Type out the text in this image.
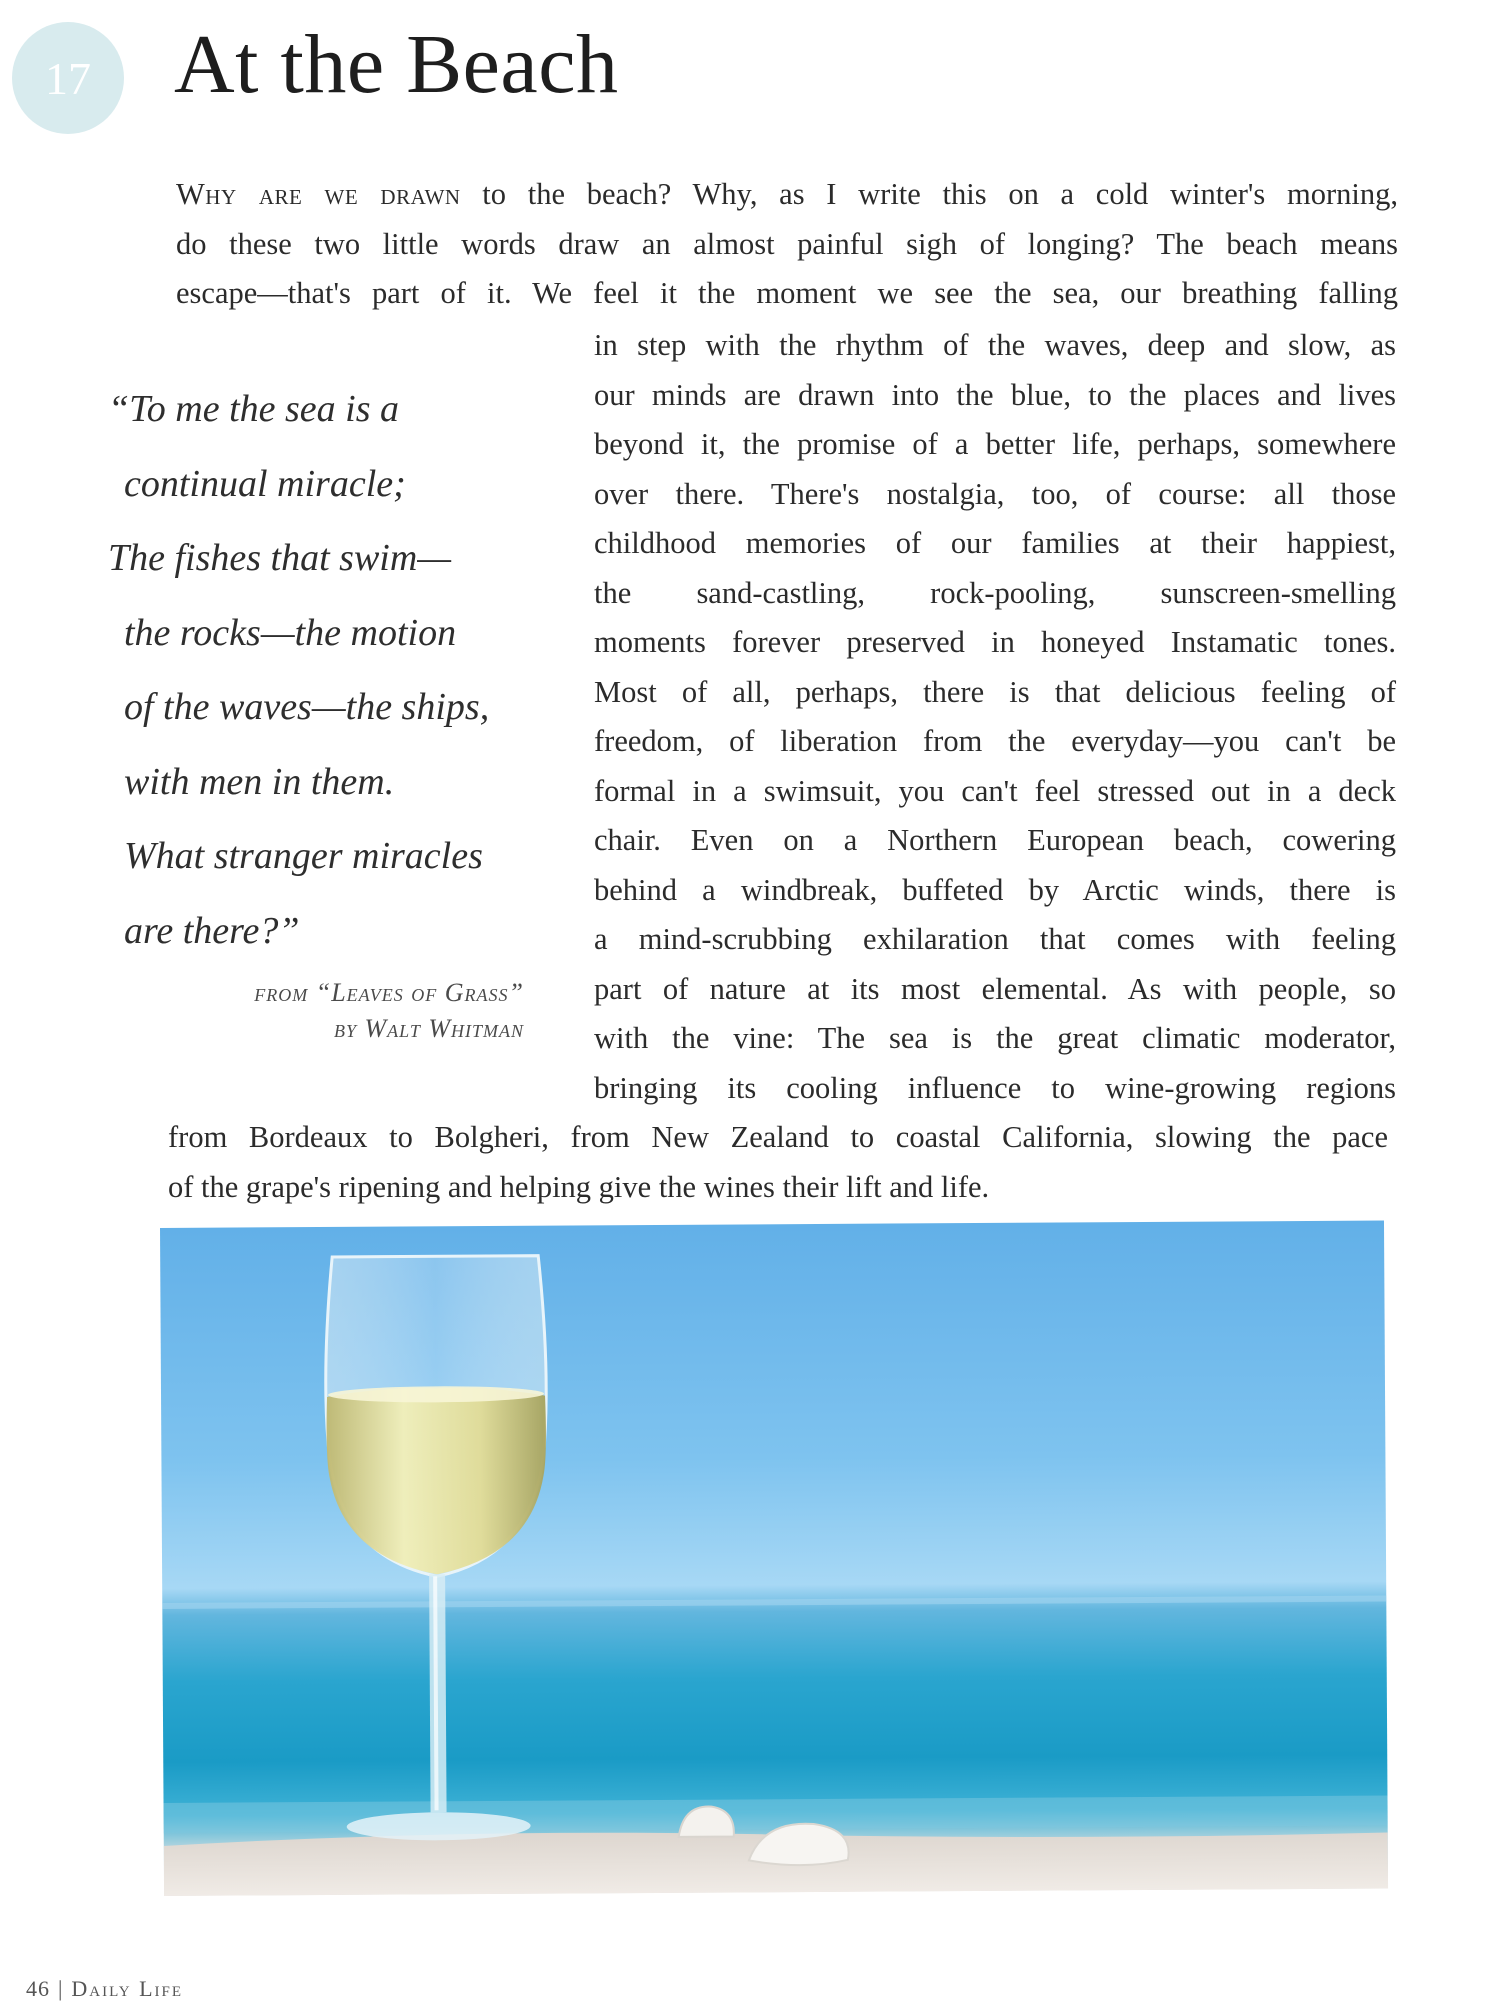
17 At the Beach
Why are we drawn to the beach? Why, as I write this on a cold winter's morning,
do these two little words draw an almost painful sigh of longing? The beach means
escape—that's part of it. We feel it the moment we see the sea, our breathing falling
in step with the rhythm of the waves, deep and slow, as
our minds are drawn into the blue, to the places and lives
beyond it, the promise of a better life, perhaps, somewhere
over there. There's nostalgia, too, of course: all those
childhood memories of our families at their happiest,
the sand-castling, rock-pooling, sunscreen-smelling
moments forever preserved in honeyed Instamatic tones.
Most of all, perhaps, there is that delicious feeling of
freedom, of liberation from the everyday—you can't be
formal in a swimsuit, you can't feel stressed out in a deck
chair. Even on a Northern European beach, cowering
behind a windbreak, buffeted by Arctic winds, there is
a mind-scrubbing exhilaration that comes with feeling
part of nature at its most elemental. As with people, so
with the vine: The sea is the great climatic moderator,
bringing its cooling influence to wine-growing regions
from Bordeaux to Bolgheri, from New Zealand to coastal California, slowing the pace
of the grape's ripening and helping give the wines their lift and life.
“To me the sea is a
continual miracle;
The fishes that swim—
the rocks—the motion
of the waves—the ships,
with men in them.
What stranger miracles
are there?”
from “Leaves of Grass”
by Walt Whitman
46 | Daily Life
